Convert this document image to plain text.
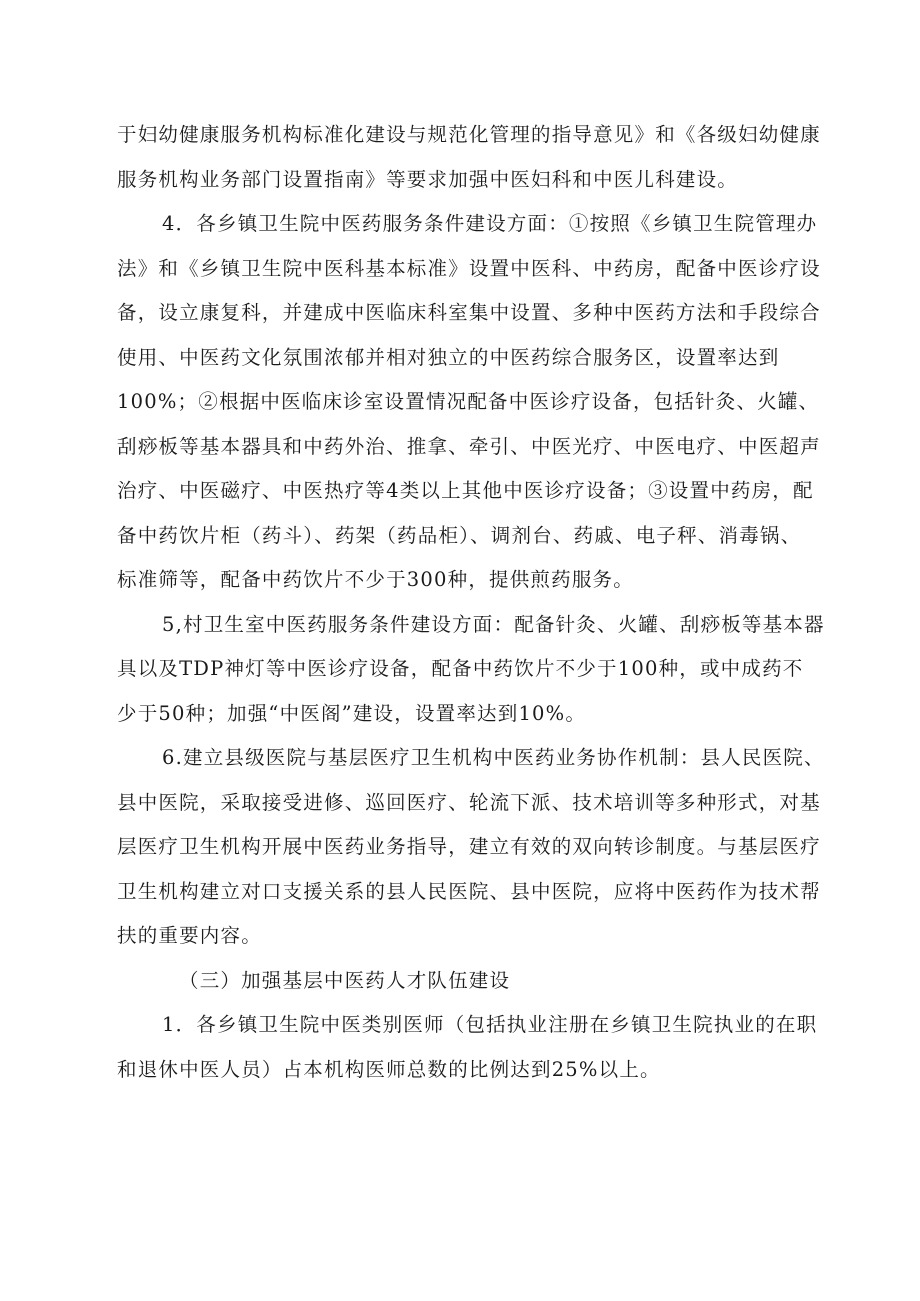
于妇幼健康服务机构标准化建设与规范化管理的指导意见》和《各级妇幼健康
服务机构业务部门设置指南》等要求加强中医妇科和中医儿科建设。
4．各乡镇卫生院中医药服务条件建设方面：①按照《乡镇卫生院管理办
法》和《乡镇卫生院中医科基本标准》设置中医科、中药房，配备中医诊疗设
备，设立康复科，并建成中医临床科室集中设置、多种中医药方法和手段综合
使用、中医药文化氛围浓郁并相对独立的中医药综合服务区，设置率达到
100%；②根据中医临床诊室设置情况配备中医诊疗设备，包括针灸、火罐、
刮痧板等基本器具和中药外治、推拿、牵引、中医光疗、中医电疗、中医超声
治疗、中医磁疗、中医热疗等4类以上其他中医诊疗设备；③设置中药房，配
备中药饮片柜（药斗）、药架（药品柜）、调剂台、药戚、电子秤、消毒锅、
标准筛等，配备中药饮片不少于300种，提供煎药服务。
5,村卫生室中医药服务条件建设方面：配备针灸、火罐、刮痧板等基本器
具以及TDP神灯等中医诊疗设备，配备中药饮片不少于100种，或中成药不
少于50种；加强“中医阁”建设，设置率达到10%。
6.建立县级医院与基层医疗卫生机构中医药业务协作机制：县人民医院、
县中医院，采取接受进修、巡回医疗、轮流下派、技术培训等多种形式，对基
层医疗卫生机构开展中医药业务指导，建立有效的双向转诊制度。与基层医疗
卫生机构建立对口支援关系的县人民医院、县中医院，应将中医药作为技术帮
扶的重要内容。
（三）加强基层中医药人才队伍建设
1．各乡镇卫生院中医类别医师（包括执业注册在乡镇卫生院执业的在职
和退休中医人员）占本机构医师总数的比例达到25%以上。
